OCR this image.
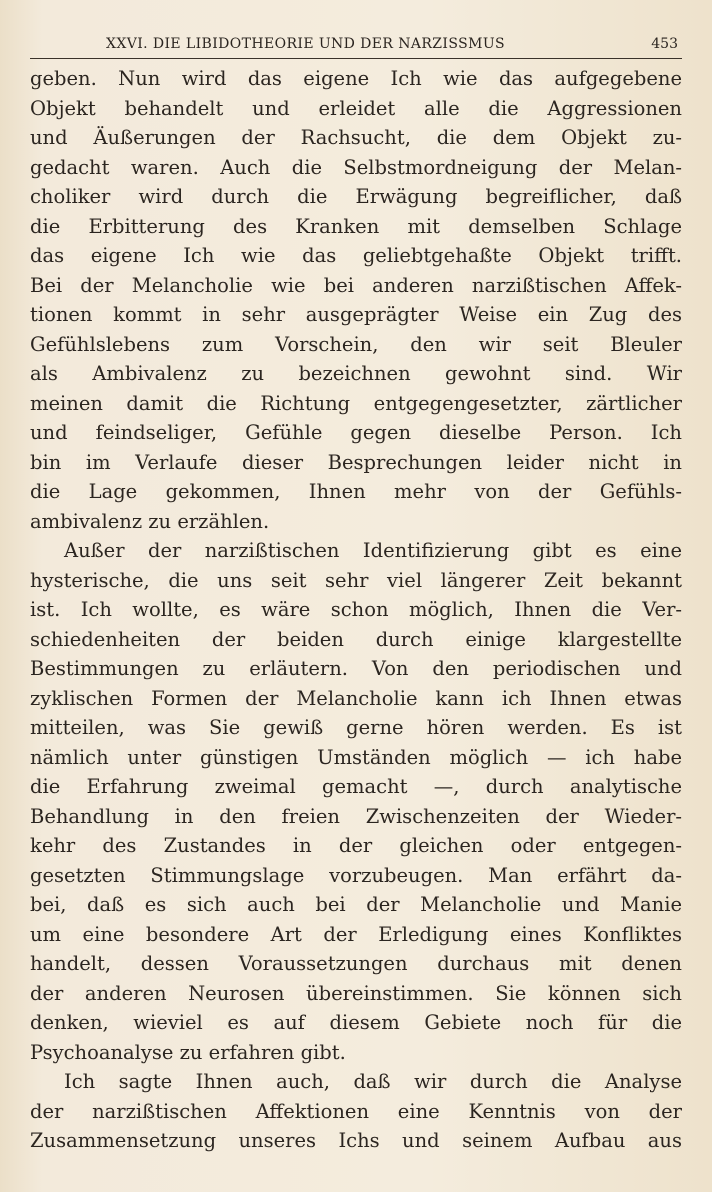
XXVI. DIE LIBIDOTHEORIE UND DER NARZISSMUS	453
geben. Nun wird das eigene Ich wie das aufgegebene
Objekt behandelt und erleidet alle die Aggressionen
und Äußerungen der Rachsucht, die dem Objekt zu-
gedacht waren. Auch die Selbstmordneigung der Melan-
choliker wird durch die Erwägung begreiflicher, daß
die Erbitterung des Kranken mit demselben Schlage
das eigene Ich wie das geliebtgehaßte Objekt trifft.
Bei der Melancholie wie bei anderen narzißtischen Affek-
tionen kommt in sehr ausgeprägter Weise ein Zug des
Gefühlslebens zum Vorschein, den wir seit Bleuler
als Ambivalenz zu bezeichnen gewohnt sind. Wir
meinen damit die Richtung entgegengesetzter, zärtlicher
und feindseliger, Gefühle gegen dieselbe Person. Ich
bin im Verlaufe dieser Besprechungen leider nicht in
die Lage gekommen, Ihnen mehr von der Gefühls-
ambivalenz zu erzählen.
Außer der narzißtischen Identifizierung gibt es eine
hysterische, die uns seit sehr viel längerer Zeit bekannt
ist. Ich wollte, es wäre schon möglich, Ihnen die Ver-
schiedenheiten der beiden durch einige klargestellte
Bestimmungen zu erläutern. Von den periodischen und
zyklischen Formen der Melancholie kann ich Ihnen etwas
mitteilen, was Sie gewiß gerne hören werden. Es ist
nämlich unter günstigen Umständen möglich — ich habe
die Erfahrung zweimal gemacht —, durch analytische
Behandlung in den freien Zwischenzeiten der Wieder-
kehr des Zustandes in der gleichen oder entgegen-
gesetzten Stimmungslage vorzubeugen. Man erfährt da-
bei, daß es sich auch bei der Melancholie und Manie
um eine besondere Art der Erledigung eines Konfliktes
handelt, dessen Voraussetzungen durchaus mit denen
der anderen Neurosen übereinstimmen. Sie können sich
denken, wieviel es auf diesem Gebiete noch für die
Psychoanalyse zu erfahren gibt.
Ich sagte Ihnen auch, daß wir durch die Analyse
der narzißtischen Affektionen eine Kenntnis von der
Zusammensetzung unseres Ichs und seinem Aufbau aus
